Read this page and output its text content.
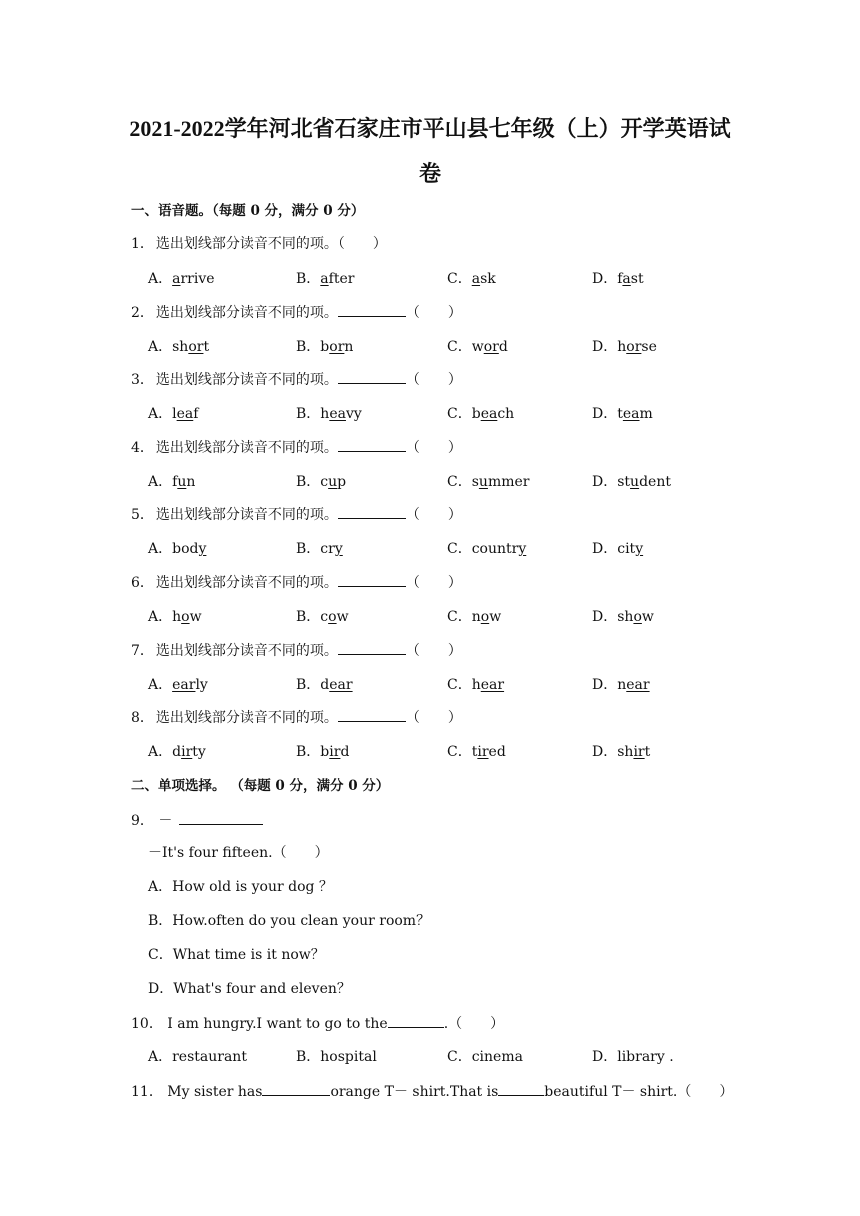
2021-2022学年河北省石家庄市平山县七年级（上）开学英语试
卷
一、语音题。（每题 0 分，满分 0 分）
1． 选出划线部分读音不同的项。（　　）
A．arrive	B．after	C．ask	D．fast
2． 选出划线部分读音不同的项。	（　　）
A．short	B．born	C．word	D．horse
3． 选出划线部分读音不同的项。	（　　）
A．leaf	B．heavy	C．beach	D．team
4． 选出划线部分读音不同的项。	（　　）
A．fun	B．cup	C．summer	D．student
5． 选出划线部分读音不同的项。	（　　）
A．body	B．cry	C．country	D．city
6． 选出划线部分读音不同的项。	（　　）
A．how	B．cow	C．now	D．show
7． 选出划线部分读音不同的项。	（　　）
A．early	B．dear	C．hear	D．near
8． 选出划线部分读音不同的项。	（　　）
A．dirty	B．bird	C．tired	D．shirt
二、单项选择。 （每题 0 分，满分 0 分）
9． －
－It's four fifteen.（　　）
A．How old is your dog ？
B．How.often do you clean your room？
C．What time is it now？
D．What's four and eleven？
10． I am hungry.I want to go to the	.（　　）
A．restaurant	B．hospital	C．cinema	D．library .
11． My sister has	orange T－ shirt.That is	beautiful T－ shirt.（　　）
